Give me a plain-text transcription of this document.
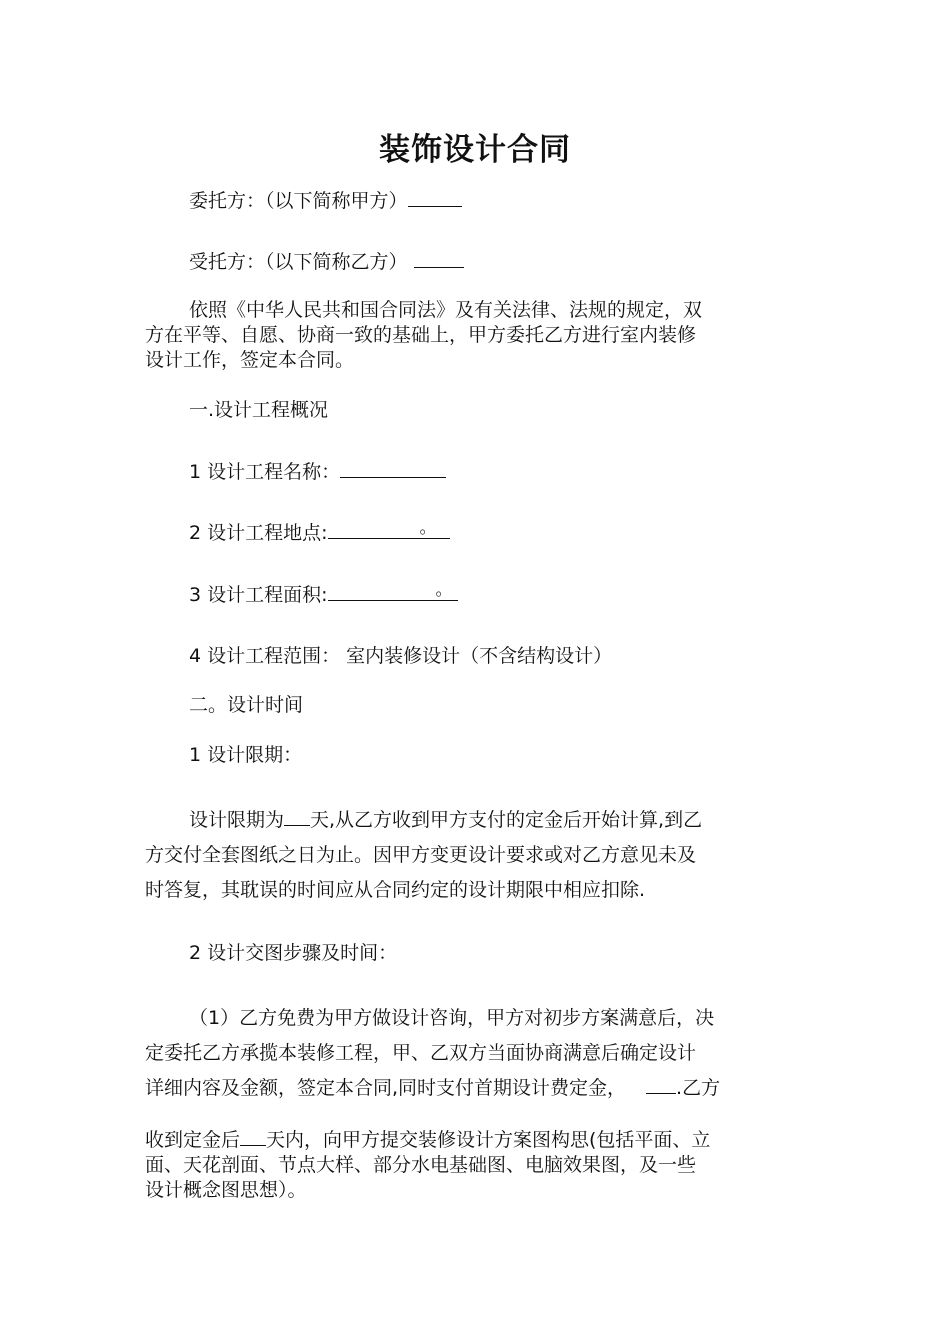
装饰设计合同
委托方：（以下简称甲方）
受托方：（以下简称乙方）
依照《中华人民共和国合同法》及有关法律、法规的规定，双
方在平等、自愿、协商一致的基础上，甲方委托乙方进行室内装修
设计工作，签定本合同。
一.设计工程概况
1 设计工程名称：
2 设计工程地点:	。
3 设计工程面积:	。
4 设计工程范围： 室内装修设计（不含结构设计）
二。设计时间
1 设计限期：
设计限期为 天,从乙方收到甲方支付的定金后开始计算,到乙
方交付全套图纸之日为止。因甲方变更设计要求或对乙方意见未及
时答复，其耽误的时间应从合同约定的设计期限中相应扣除.
2 设计交图步骤及时间：
（1）乙方免费为甲方做设计咨询，甲方对初步方案满意后，决
定委托乙方承揽本装修工程，甲、乙双方当面协商满意后确定设计
详细内容及金额，签定本合同,同时支付首期设计费定金，	.乙方
收到定金后 天内，向甲方提交装修设计方案图构思(包括平面、立
面、天花剖面、节点大样、部分水电基础图、电脑效果图，及一些
设计概念图思想）。
